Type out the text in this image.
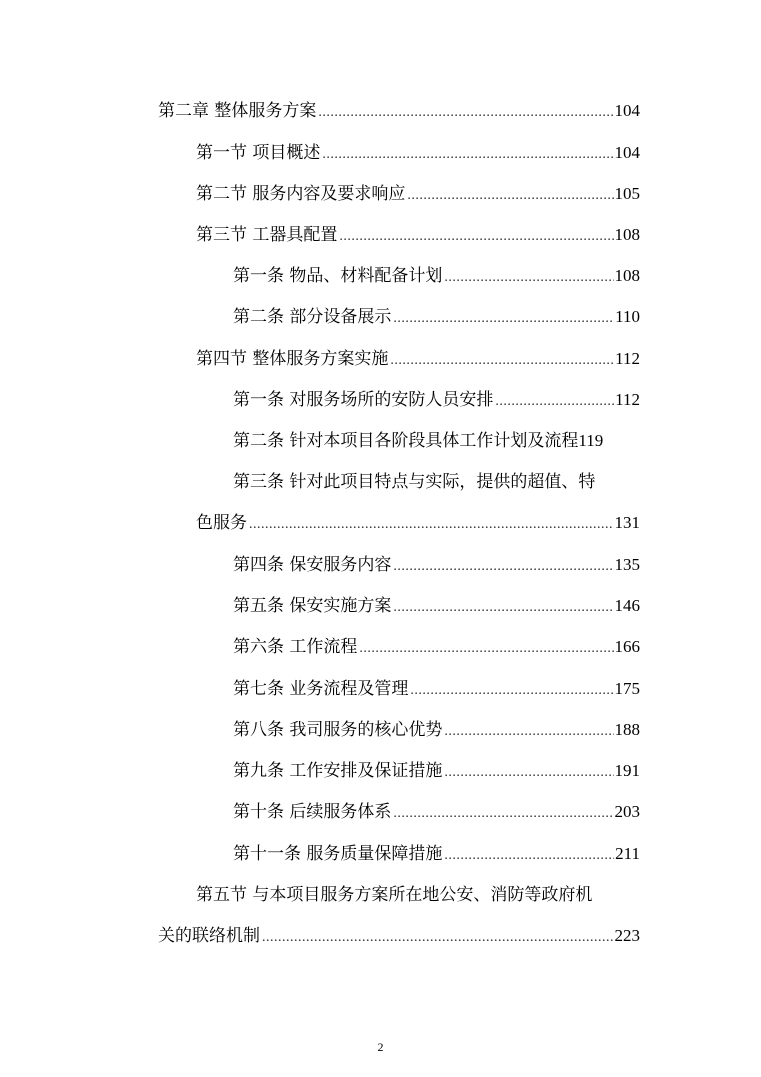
第二章 整体服务方案 .....	104
第一节 项目概述 .....	104
第二节 服务内容及要求响应 .....	105
第三节 工器具配置 .....	108
第一条 物品、材料配备计划 .....	108
第二条 部分设备展示 .....	110
第四节 整体服务方案实施 .....	112
第一条 对服务场所的安防人员安排 .....	112
第二条 针对本项目各阶段具体工作计划及流程 119
第三条 针对此项目特点与实际，提供的超值、特
色服务 .....	131
第四条 保安服务内容 .....	135
第五条 保安实施方案 .....	146
第六条 工作流程 .....	166
第七条 业务流程及管理 .....	175
第八条 我司服务的核心优势 .....	188
第九条 工作安排及保证措施 .....	191
第十条 后续服务体系 .....	203
第十一条 服务质量保障措施 .....	211
第五节 与本项目服务方案所在地公安、消防等政府机
关的联络机制 .....	223
2
